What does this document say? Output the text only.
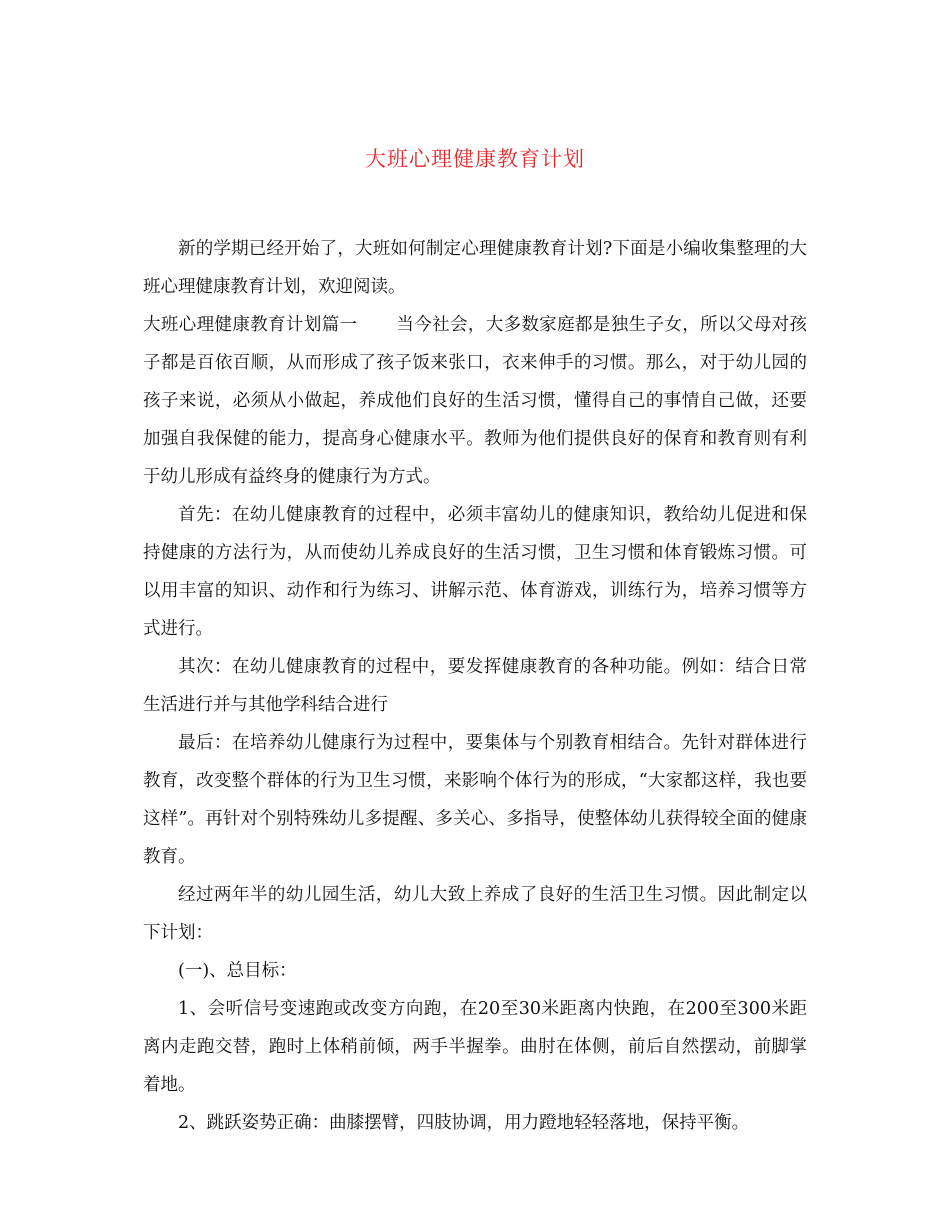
大班心理健康教育计划

新的学期已经开始了，大班如何制定心理健康教育计划?下面是小编收集整理的大班心理健康教育计划，欢迎阅读。

大班心理健康教育计划篇一 当今社会，大多数家庭都是独生子女，所以父母对孩子都是百依百顺，从而形成了孩子饭来张口，衣来伸手的习惯。那么，对于幼儿园的孩子来说，必须从小做起，养成他们良好的生活习惯，懂得自己的事情自己做，还要加强自我保健的能力，提高身心健康水平。教师为他们提供良好的保育和教育则有利于幼儿形成有益终身的健康行为方式。

首先：在幼儿健康教育的过程中，必须丰富幼儿的健康知识，教给幼儿促进和保持健康的方法行为，从而使幼儿养成良好的生活习惯，卫生习惯和体育锻炼习惯。可以用丰富的知识、动作和行为练习、讲解示范、体育游戏，训练行为，培养习惯等方式进行。

其次：在幼儿健康教育的过程中，要发挥健康教育的各种功能。例如：结合日常生活进行并与其他学科结合进行

最后：在培养幼儿健康行为过程中，要集体与个别教育相结合。先针对群体进行教育，改变整个群体的行为卫生习惯，来影响个体行为的形成，“大家都这样，我也要这样”。再针对个别特殊幼儿多提醒、多关心、多指导，使整体幼儿获得较全面的健康教育。

经过两年半的幼儿园生活，幼儿大致上养成了良好的生活卫生习惯。因此制定以下计划：

(一)、总目标：

1、会听信号变速跑或改变方向跑，在20至30米距离内快跑，在200至300米距离内走跑交替，跑时上体稍前倾，两手半握拳。曲肘在体侧，前后自然摆动，前脚掌着地。

2、跳跃姿势正确：曲膝摆臂，四肢协调，用力蹬地轻轻落地，保持平衡。
